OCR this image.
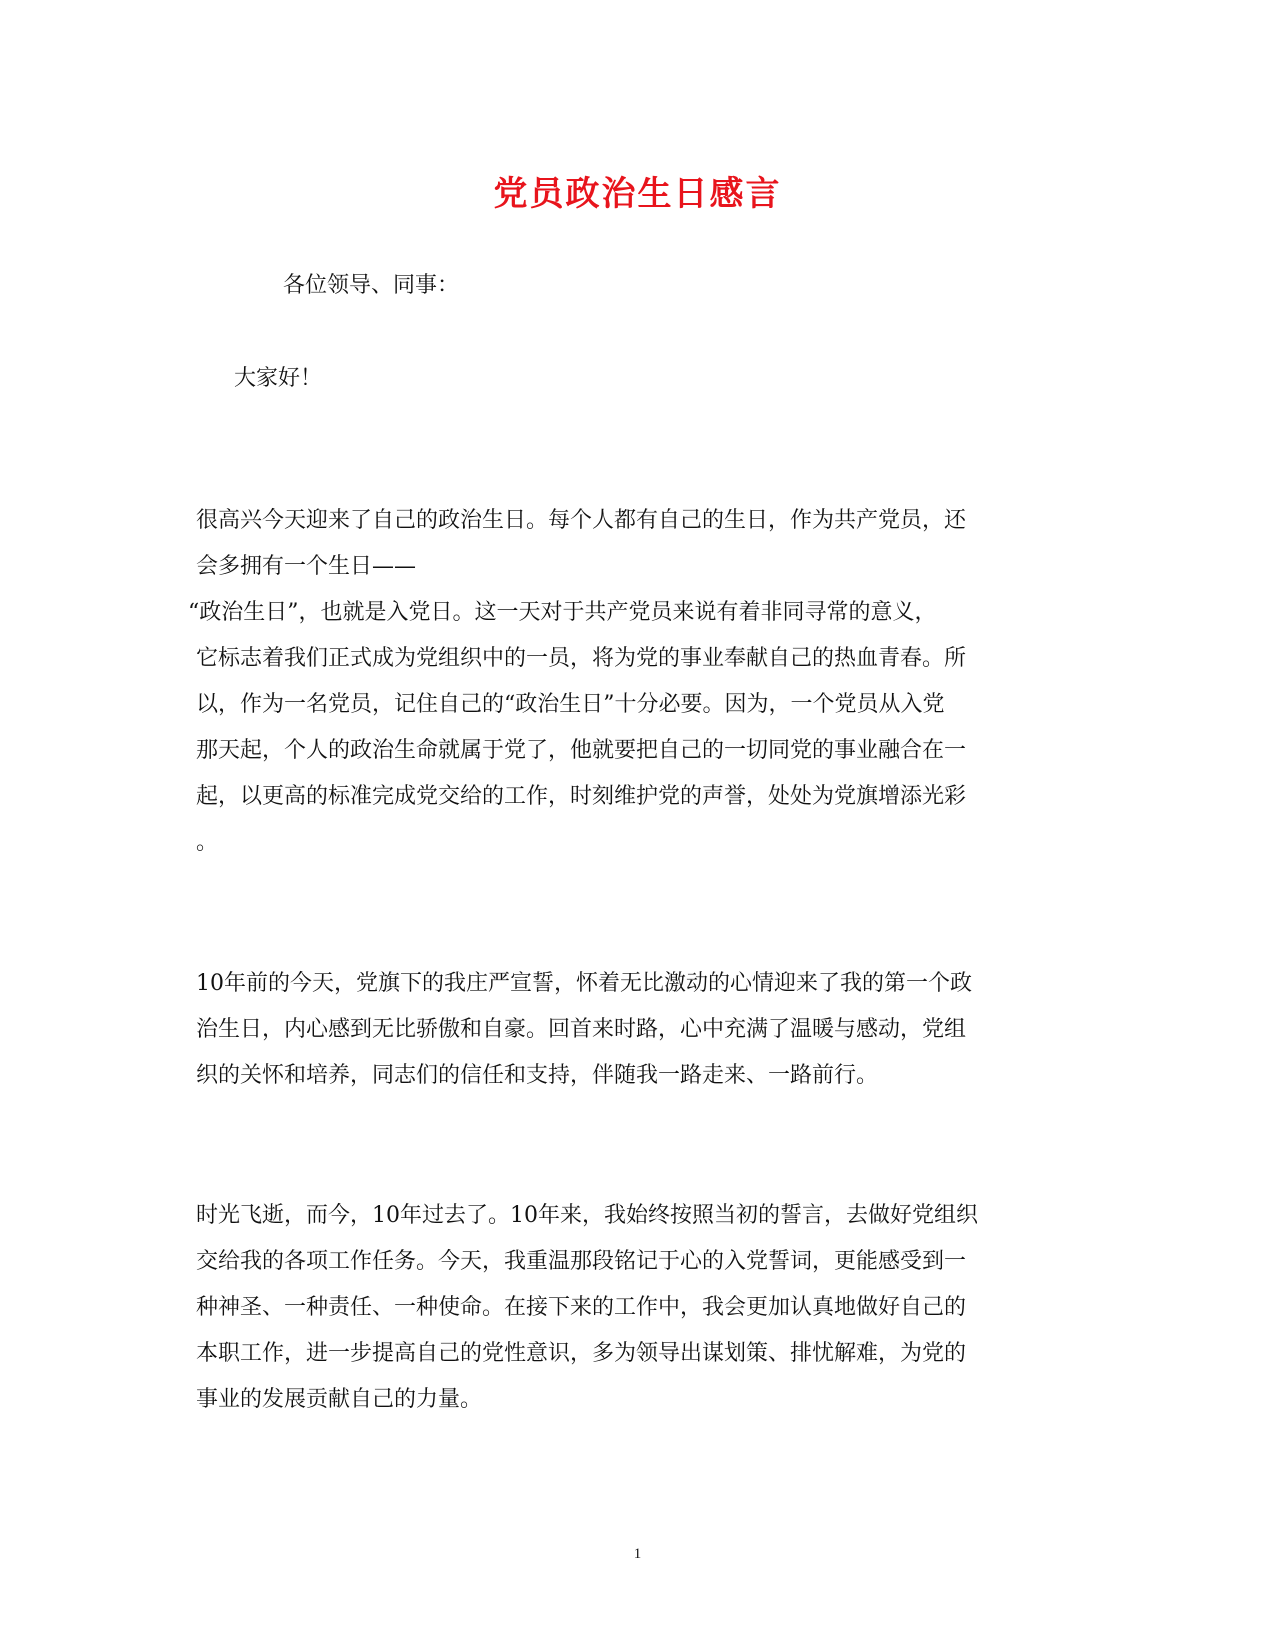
党员政治生日感言
各位领导、同事：
大家好！
很高兴今天迎来了自己的政治生日。每个人都有自己的生日，作为共产党员，还
会多拥有一个生日——
“政治生日”，也就是入党日。这一天对于共产党员来说有着非同寻常的意义，
它标志着我们正式成为党组织中的一员，将为党的事业奉献自己的热血青春。所
以，作为一名党员，记住自己的“政治生日”十分必要。因为，一个党员从入党
那天起，个人的政治生命就属于党了，他就要把自己的一切同党的事业融合在一
起，以更高的标准完成党交给的工作，时刻维护党的声誉，处处为党旗增添光彩
。
10年前的今天，党旗下的我庄严宣誓，怀着无比激动的心情迎来了我的第一个政
治生日，内心感到无比骄傲和自豪。回首来时路，心中充满了温暖与感动，党组
织的关怀和培养，同志们的信任和支持，伴随我一路走来、一路前行。
时光飞逝，而今，10年过去了。10年来，我始终按照当初的誓言，去做好党组织
交给我的各项工作任务。今天，我重温那段铭记于心的入党誓词，更能感受到一
种神圣、一种责任、一种使命。在接下来的工作中，我会更加认真地做好自己的
本职工作，进一步提高自己的党性意识，多为领导出谋划策、排忧解难，为党的
事业的发展贡献自己的力量。
1
